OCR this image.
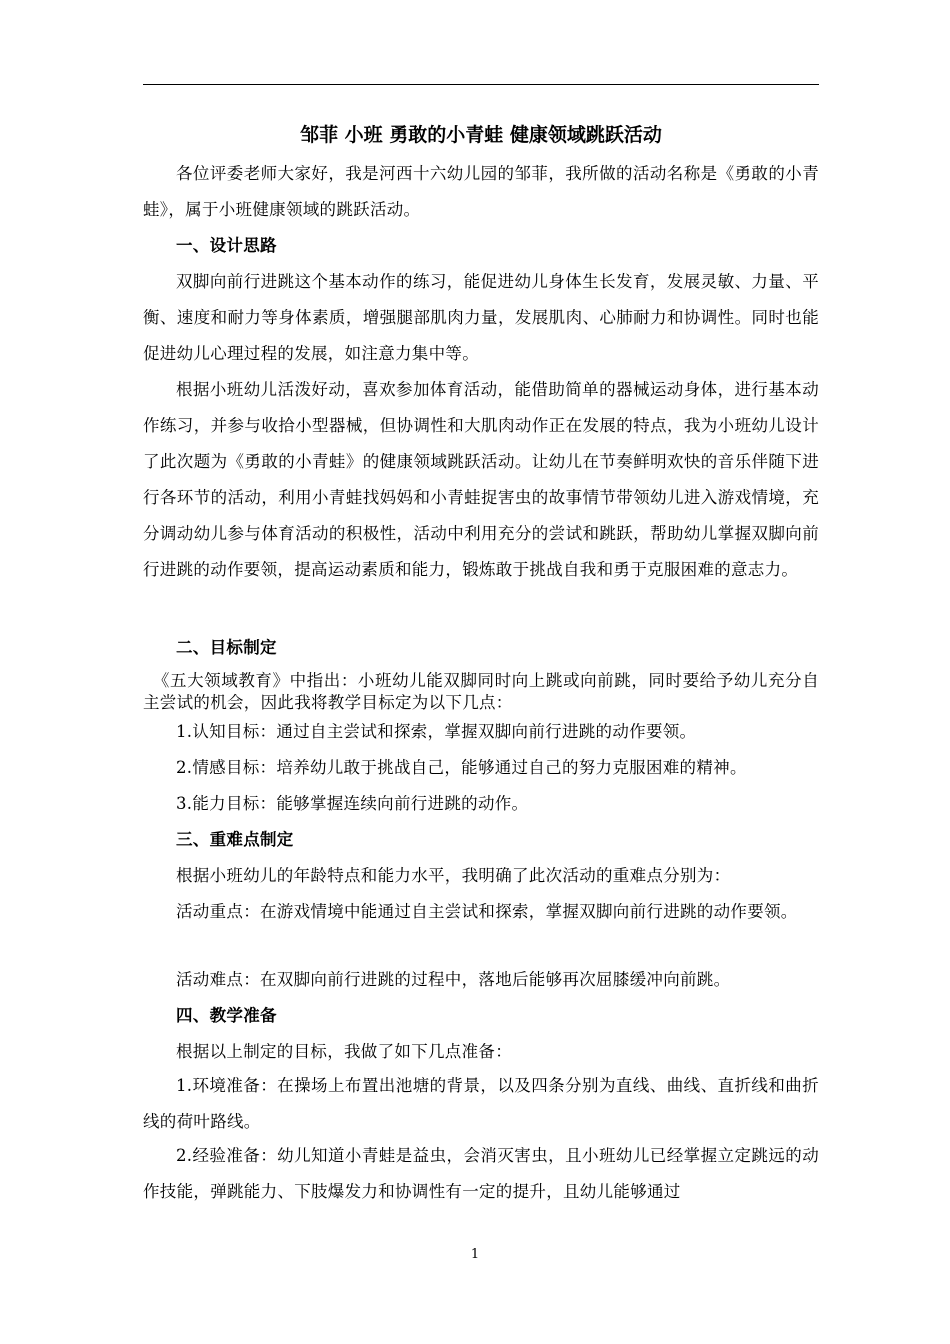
邹菲 小班 勇敢的小青蛙 健康领域跳跃活动
各位评委老师大家好，我是河西十六幼儿园的邹菲，我所做的活动名称是《勇敢的小青蛙》，属于小班健康领域的跳跃活动。
一、设计思路
双脚向前行进跳这个基本动作的练习，能促进幼儿身体生长发育，发展灵敏、力量、平衡、速度和耐力等身体素质，增强腿部肌肉力量，发展肌肉、心肺耐力和协调性。同时也能促进幼儿心理过程的发展，如注意力集中等。
根据小班幼儿活泼好动，喜欢参加体育活动，能借助简单的器械运动身体，进行基本动作练习，并参与收拾小型器械，但协调性和大肌肉动作正在发展的特点，我为小班幼儿设计了此次题为《勇敢的小青蛙》的健康领域跳跃活动。让幼儿在节奏鲜明欢快的音乐伴随下进行各环节的活动，利用小青蛙找妈妈和小青蛙捉害虫的故事情节带领幼儿进入游戏情境，充分调动幼儿参与体育活动的积极性，活动中利用充分的尝试和跳跃，帮助幼儿掌握双脚向前行进跳的动作要领，提高运动素质和能力，锻炼敢于挑战自我和勇于克服困难的意志力。
二、目标制定
《五大领域教育》中指出：小班幼儿能双脚同时向上跳或向前跳，同时要给予幼儿充分自主尝试的机会，因此我将教学目标定为以下几点：
1.认知目标：通过自主尝试和探索，掌握双脚向前行进跳的动作要领。
2.情感目标：培养幼儿敢于挑战自己，能够通过自己的努力克服困难的精神。
3.能力目标：能够掌握连续向前行进跳的动作。
三、重难点制定
根据小班幼儿的年龄特点和能力水平，我明确了此次活动的重难点分别为：
活动重点：在游戏情境中能通过自主尝试和探索，掌握双脚向前行进跳的动作要领。
活动难点：在双脚向前行进跳的过程中，落地后能够再次屈膝缓冲向前跳。
四、教学准备
根据以上制定的目标，我做了如下几点准备：
1.环境准备：在操场上布置出池塘的背景，以及四条分别为直线、曲线、直折线和曲折线的荷叶路线。
2.经验准备：幼儿知道小青蛙是益虫，会消灭害虫，且小班幼儿已经掌握立定跳远的动作技能，弹跳能力、下肢爆发力和协调性有一定的提升，且幼儿能够通过
1
